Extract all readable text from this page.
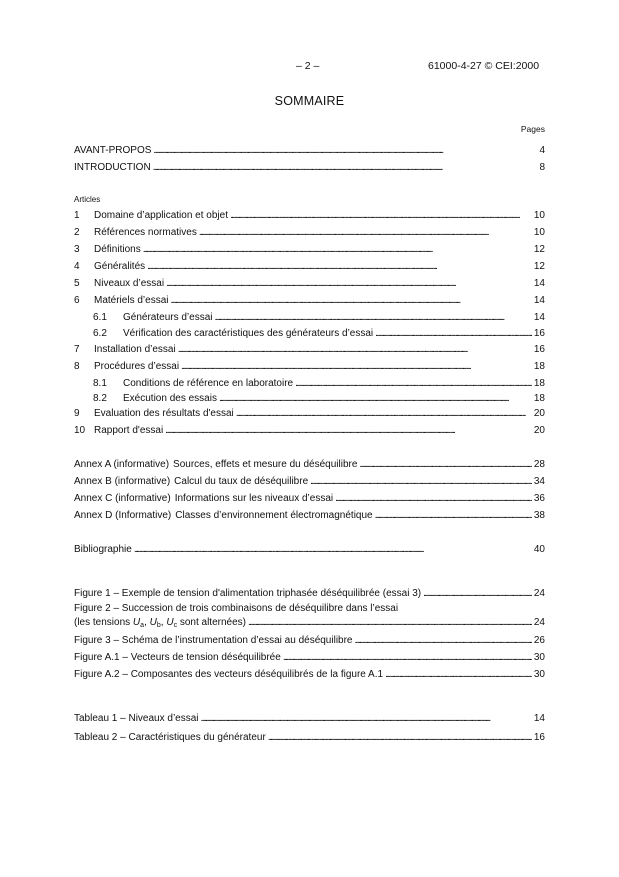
– 2 –	61000-4-27 © CEI:2000
SOMMAIRE
Pages
AVANT-PROPOS . . .	4
INTRODUCTION . . .	8
Articles
1	Domaine d’application et objet . . .	10
2	Références normatives . . .	10
3	Définitions . . .	12
4	Généralités . . .	12
5	Niveaux d’essai . . .	14
6	Matériels d’essai . . .	14
6.1	Générateurs d’essai . . .	14
6.2	Vérification des caractéristiques des générateurs d’essai . . .	16
7	Installation d’essai . . .	16
8	Procédures d’essai . . .	18
8.1	Conditions de référence en laboratoire . . .	18
8.2	Exécution des essais . . .	18
9	Evaluation des résultats d'essai . . .	20
10 Rapport d'essai . . .	20
Annex A (informative) Sources, effets et mesure du déséquilibre . . .	28
Annex B (informative) Calcul du taux de déséquilibre . . .	34
Annex C (informative) Informations sur les niveaux d’essai . . .	36
Annex D (Informative) Classes d’environnement électromagnétique . . .	38
Bibliographie . . .	40
Figure 1 – Exemple de tension d'alimentation triphasée déséquilibrée (essai 3) . . .	24
Figure 2 – Succession de trois combinaisons de déséquilibre dans l’essai
(les tensions $U_a$, $U_b$, $U_c$ sont alternées) . . .	24
Figure 3 – Schéma de l’instrumentation d’essai au déséquilibre . . .	26
Figure A.1 – Vecteurs de tension déséquilibrée . . .	30
Figure A.2 – Composantes des vecteurs déséquilibrés de la figure A.1 . . .	30
Tableau 1 – Niveaux d’essai . . .	14
Tableau 2 – Caractéristiques du générateur . . .	16
